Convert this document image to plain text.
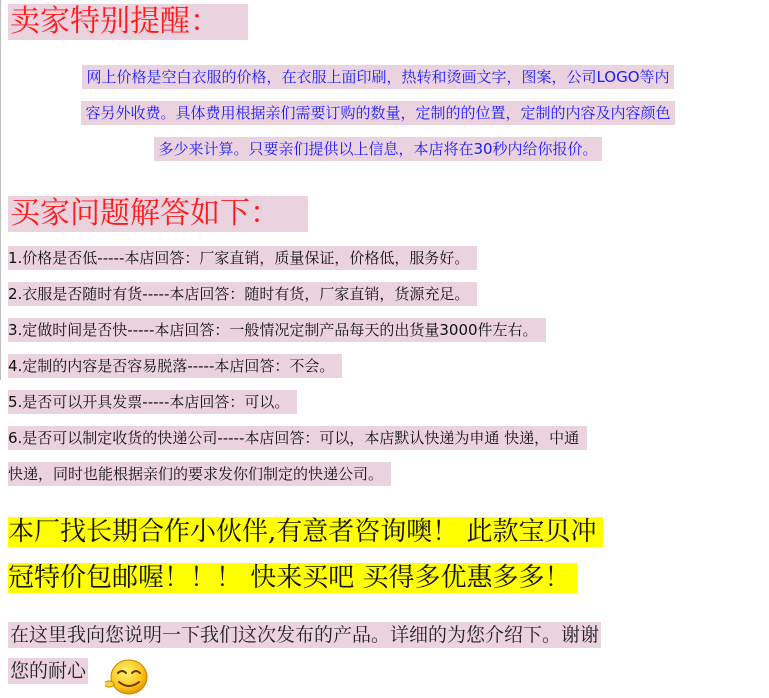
卖家特别提醒：
网上价格是空白衣服的价格，在衣服上面印刷，热转和烫画文字，图案，公司LOGO等内
容另外收费。具体费用根据亲们需要订购的数量，定制的的位置，定制的内容及内容颜色
多少来计算。只要亲们提供以上信息，本店将在30秒内给你报价。
买家问题解答如下：
1.价格是否低-----本店回答：厂家直销，质量保证，价格低，服务好。
2.衣服是否随时有货-----本店回答：随时有货，厂家直销，货源充足。
3.定做时间是否快-----本店回答：一般情况定制产品每天的出货量3000件左右。
4.定制的内容是否容易脱落-----本店回答：不会。
5.是否可以开具发票-----本店回答：可以。
6.是否可以制定收货的快递公司-----本店回答：可以，本店默认快递为申通 快递，中通
快递，同时也能根据亲们的要求发你们制定的快递公司。
本厂找长期合作小伙伴,有意者咨询噢！ 此款宝贝冲
冠特价包邮喔！！！ 快来买吧 买得多优惠多多！
在这里我向您说明一下我们这次发布的产品。详细的为您介绍下。谢谢
您的耐心
